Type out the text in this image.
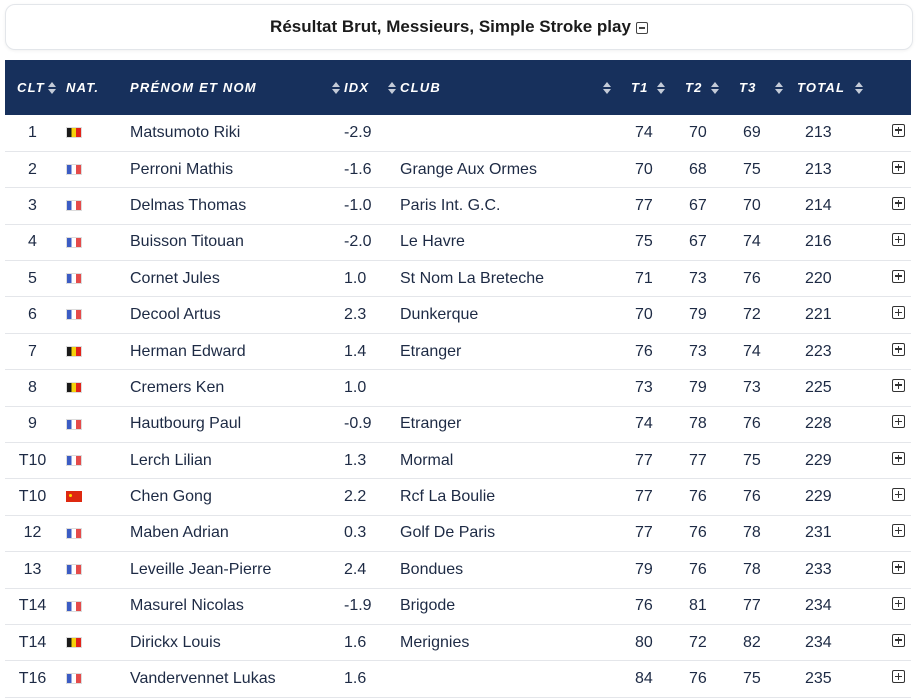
Résultat Brut, Messieurs, Simple Stroke play
CLT	NAT.	PRÉNOM ET NOM	IDX	CLUB	T1	T2	T3	TOTAL	

1		Matsumoto Riki	-2.9		74	70	69	213	
2		Perroni Mathis	-1.6	Grange Aux Ormes	70	68	75	213	
3		Delmas Thomas	-1.0	Paris Int. G.C.	77	67	70	214	
4		Buisson Titouan	-2.0	Le Havre	75	67	74	216	
5		Cornet Jules	1.0	St Nom La Breteche	71	73	76	220	
6		Decool Artus	2.3	Dunkerque	70	79	72	221	
7		Herman Edward	1.4	Etranger	76	73	74	223	
8		Cremers Ken	1.0		73	79	73	225	
9		Hautbourg Paul	-0.9	Etranger	74	78	76	228	
T10		Lerch Lilian	1.3	Mormal	77	77	75	229	
T10		Chen Gong	2.2	Rcf La Boulie	77	76	76	229	
12		Maben Adrian	0.3	Golf De Paris	77	76	78	231	
13		Leveille Jean-Pierre	2.4	Bondues	79	76	78	233	
T14		Masurel Nicolas	-1.9	Brigode	76	81	77	234	
T14		Dirickx Louis	1.6	Merignies	80	72	82	234	
T16		Vandervennet Lukas	1.6		84	76	75	235	
